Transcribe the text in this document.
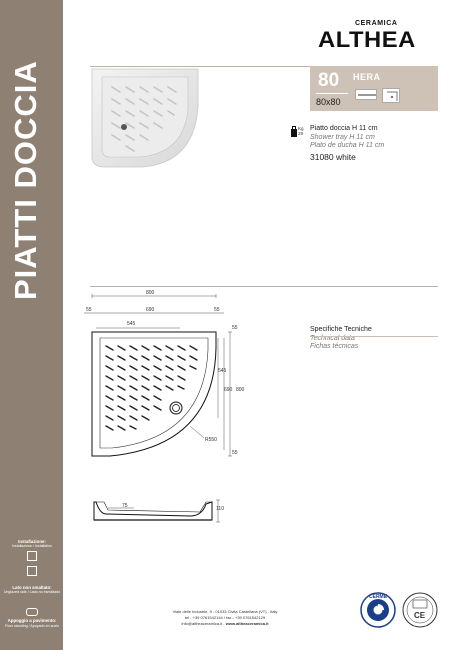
PIATTI DOCCIA
Installazione:
Installazione / Installation

Lato non smaltato:
Unglazed side / Lado no esmaltado
Appoggio a pavimento:
Floor standing / Apoyado en suelo
CERAMICA
ALTHEA
80 HERA
80x80
Kg
29
Piatto doccia H 11 cm
Shower tray H 11 cm
Plato de ducha H 11 cm
31080 white
800
55	690	55
545
55
545
690 800
55
R550
Specifiche Tecniche
Technical data
Fichas técnicas
75	110
Viale delle Industrie, 9 - 01033 Civita Castellana (VT) - Italy
tel - +39 0761542144 / fax - +39 0761542129
info@altheaceramica.it - www.altheaceramica.it
CERME
CE
